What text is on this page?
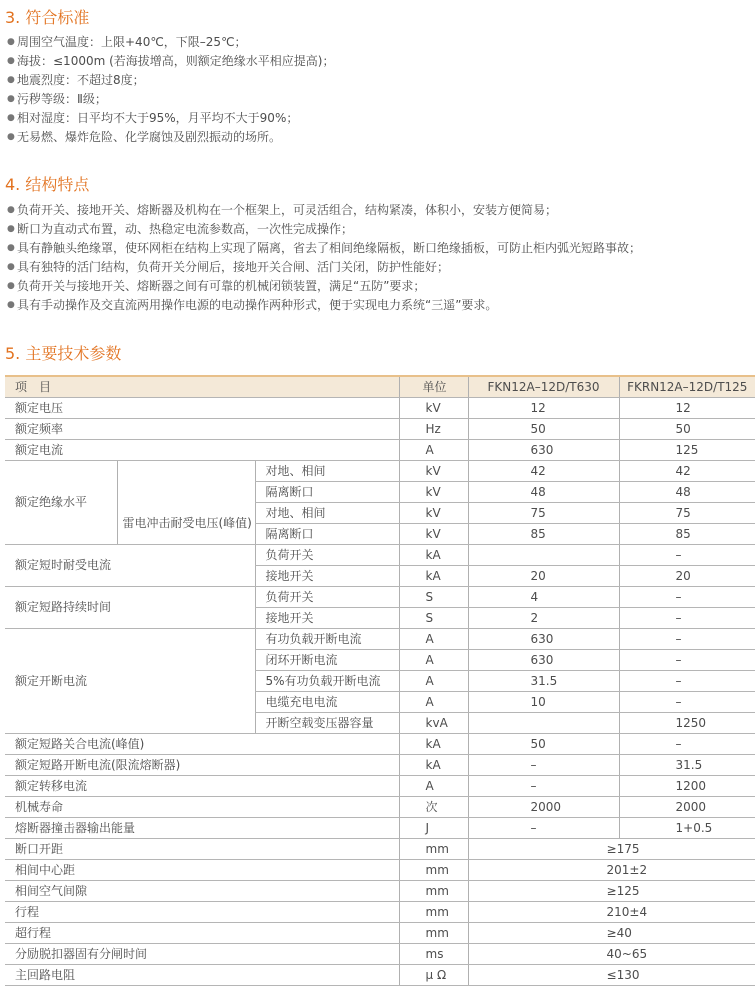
3. 符合标准
● 周围空气温度：上限+40℃，下限–25℃；
● 海拔：≤1000m (若海拔增高，则额定绝缘水平相应提高)；
● 地震烈度：不超过8度；
● 污秽等级：Ⅱ级；
● 相对湿度：日平均不大于95%，月平均不大于90%；
● 无易燃、爆炸危险、化学腐蚀及剧烈振动的场所。
4. 结构特点
● 负荷开关、接地开关、熔断器及机构在一个框架上，可灵活组合，结构紧凑，体积小，安装方便简易；
● 断口为直动式布置，动、热稳定电流参数高，一次性完成操作；
● 具有静触头绝缘罩，使环网柜在结构上实现了隔离，省去了相间绝缘隔板，断口绝缘插板，可防止柜内弧光短路事故；
● 具有独特的活门结构，负荷开关分闸后，接地开关合闸、活门关闭，防护性能好；
● 负荷开关与接地开关、熔断器之间有可靠的机械闭锁装置，满足“五防”要求；
● 具有手动操作及交直流两用操作电源的电动操作两种形式，便于实现电力系统“三遥”要求。
5. 主要技术参数
项　目			单位	FKN12A–12D/T630	FKRN12A–12D/T125
额定电压			kV	12	12
额定频率			Hz	50	50
额定电流			A	630	125
额定绝缘水平		对地、相间	kV	42	42
		隔离断口	kV	48	48
	雷电冲击耐受电压(峰值)	对地、相间	kV	75	75
		隔离断口	kV	85	85
额定短时耐受电流		负荷开关	kA		–
		接地开关	kA	20	20
额定短路持续时间		负荷开关	S	4	–
		接地开关	S	2	–
额定开断电流		有功负载开断电流	A	630	–
		闭环开断电流	A	630	–
		5%有功负载开断电流	A	31.5	–
		电缆充电电流	A	10	–
		开断空载变压器容量	kvA		1250
额定短路关合电流(峰值)			kA	50	–
额定短路开断电流(限流熔断器)			kA	–	31.5
额定转移电流			A	–	1200
机械寿命			次	2000	2000
熔断器撞击器输出能量			J	–	1+0.5
断口开距			mm	≥175	
相间中心距			mm	201±2	
相间空气间隙			mm	≥125	
行程			mm	210±4	
超行程			mm	≥40	
分励脱扣器固有分闸时间			ms	40~65	
主回路电阻			μ Ω	≤130	
